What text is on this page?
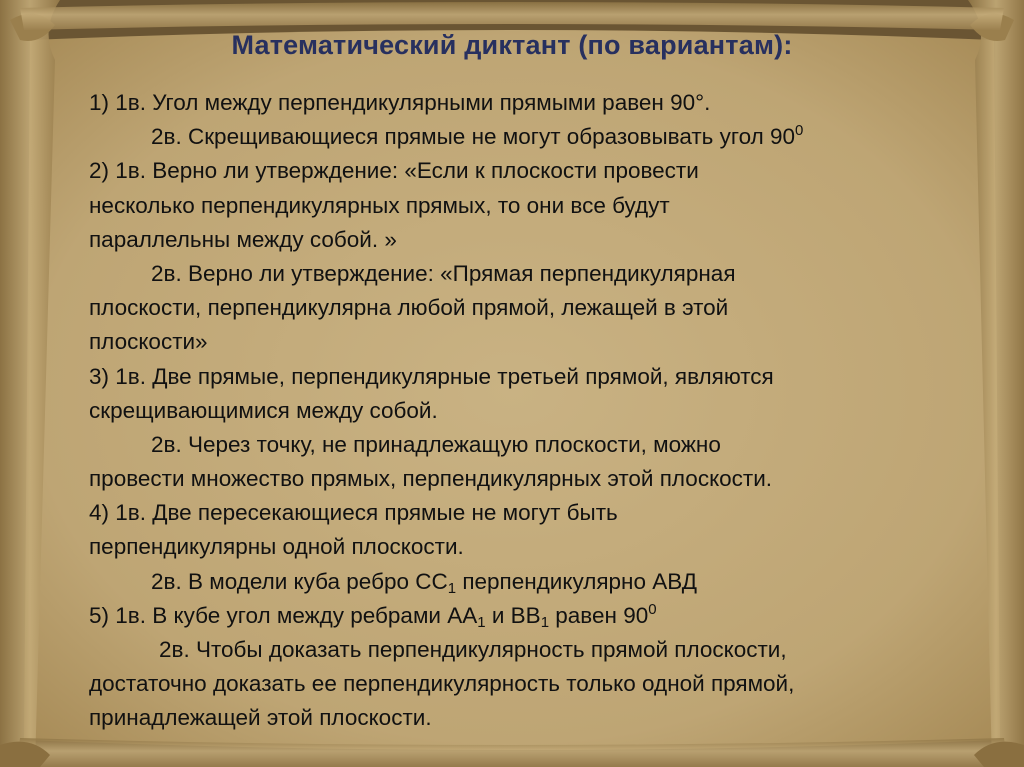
Математический диктант (по вариантам):
1) 1в. Угол между перпендикулярными прямыми равен 90°.
2в. Скрещивающиеся прямые не могут образовывать угол $90^0$
2) 1в. Верно ли утверждение: «Если к плоскости провести
несколько перпендикулярных прямых, то они все будут
параллельны между собой. »
2в. Верно ли утверждение: «Прямая перпендикулярная
плоскости, перпендикулярна любой прямой, лежащей в этой
плоскости»
3) 1в. Две прямые, перпендикулярные третьей прямой, являются
скрещивающимися между собой.
2в. Через точку, не принадлежащую плоскости, можно
провести множество прямых, перпендикулярных этой плоскости.
4) 1в. Две пересекающиеся прямые не могут быть
перпендикулярны одной плоскости.
2в. В модели куба ребро $СС_1$ перпендикулярно АВД
5) 1в. В кубе угол между ребрами $АА_1$ и $ВВ_1$ равен $90^0$
2в. Чтобы доказать перпендикулярность прямой плоскости,
достаточно доказать ее перпендикулярность только одной прямой,
принадлежащей этой плоскости.
